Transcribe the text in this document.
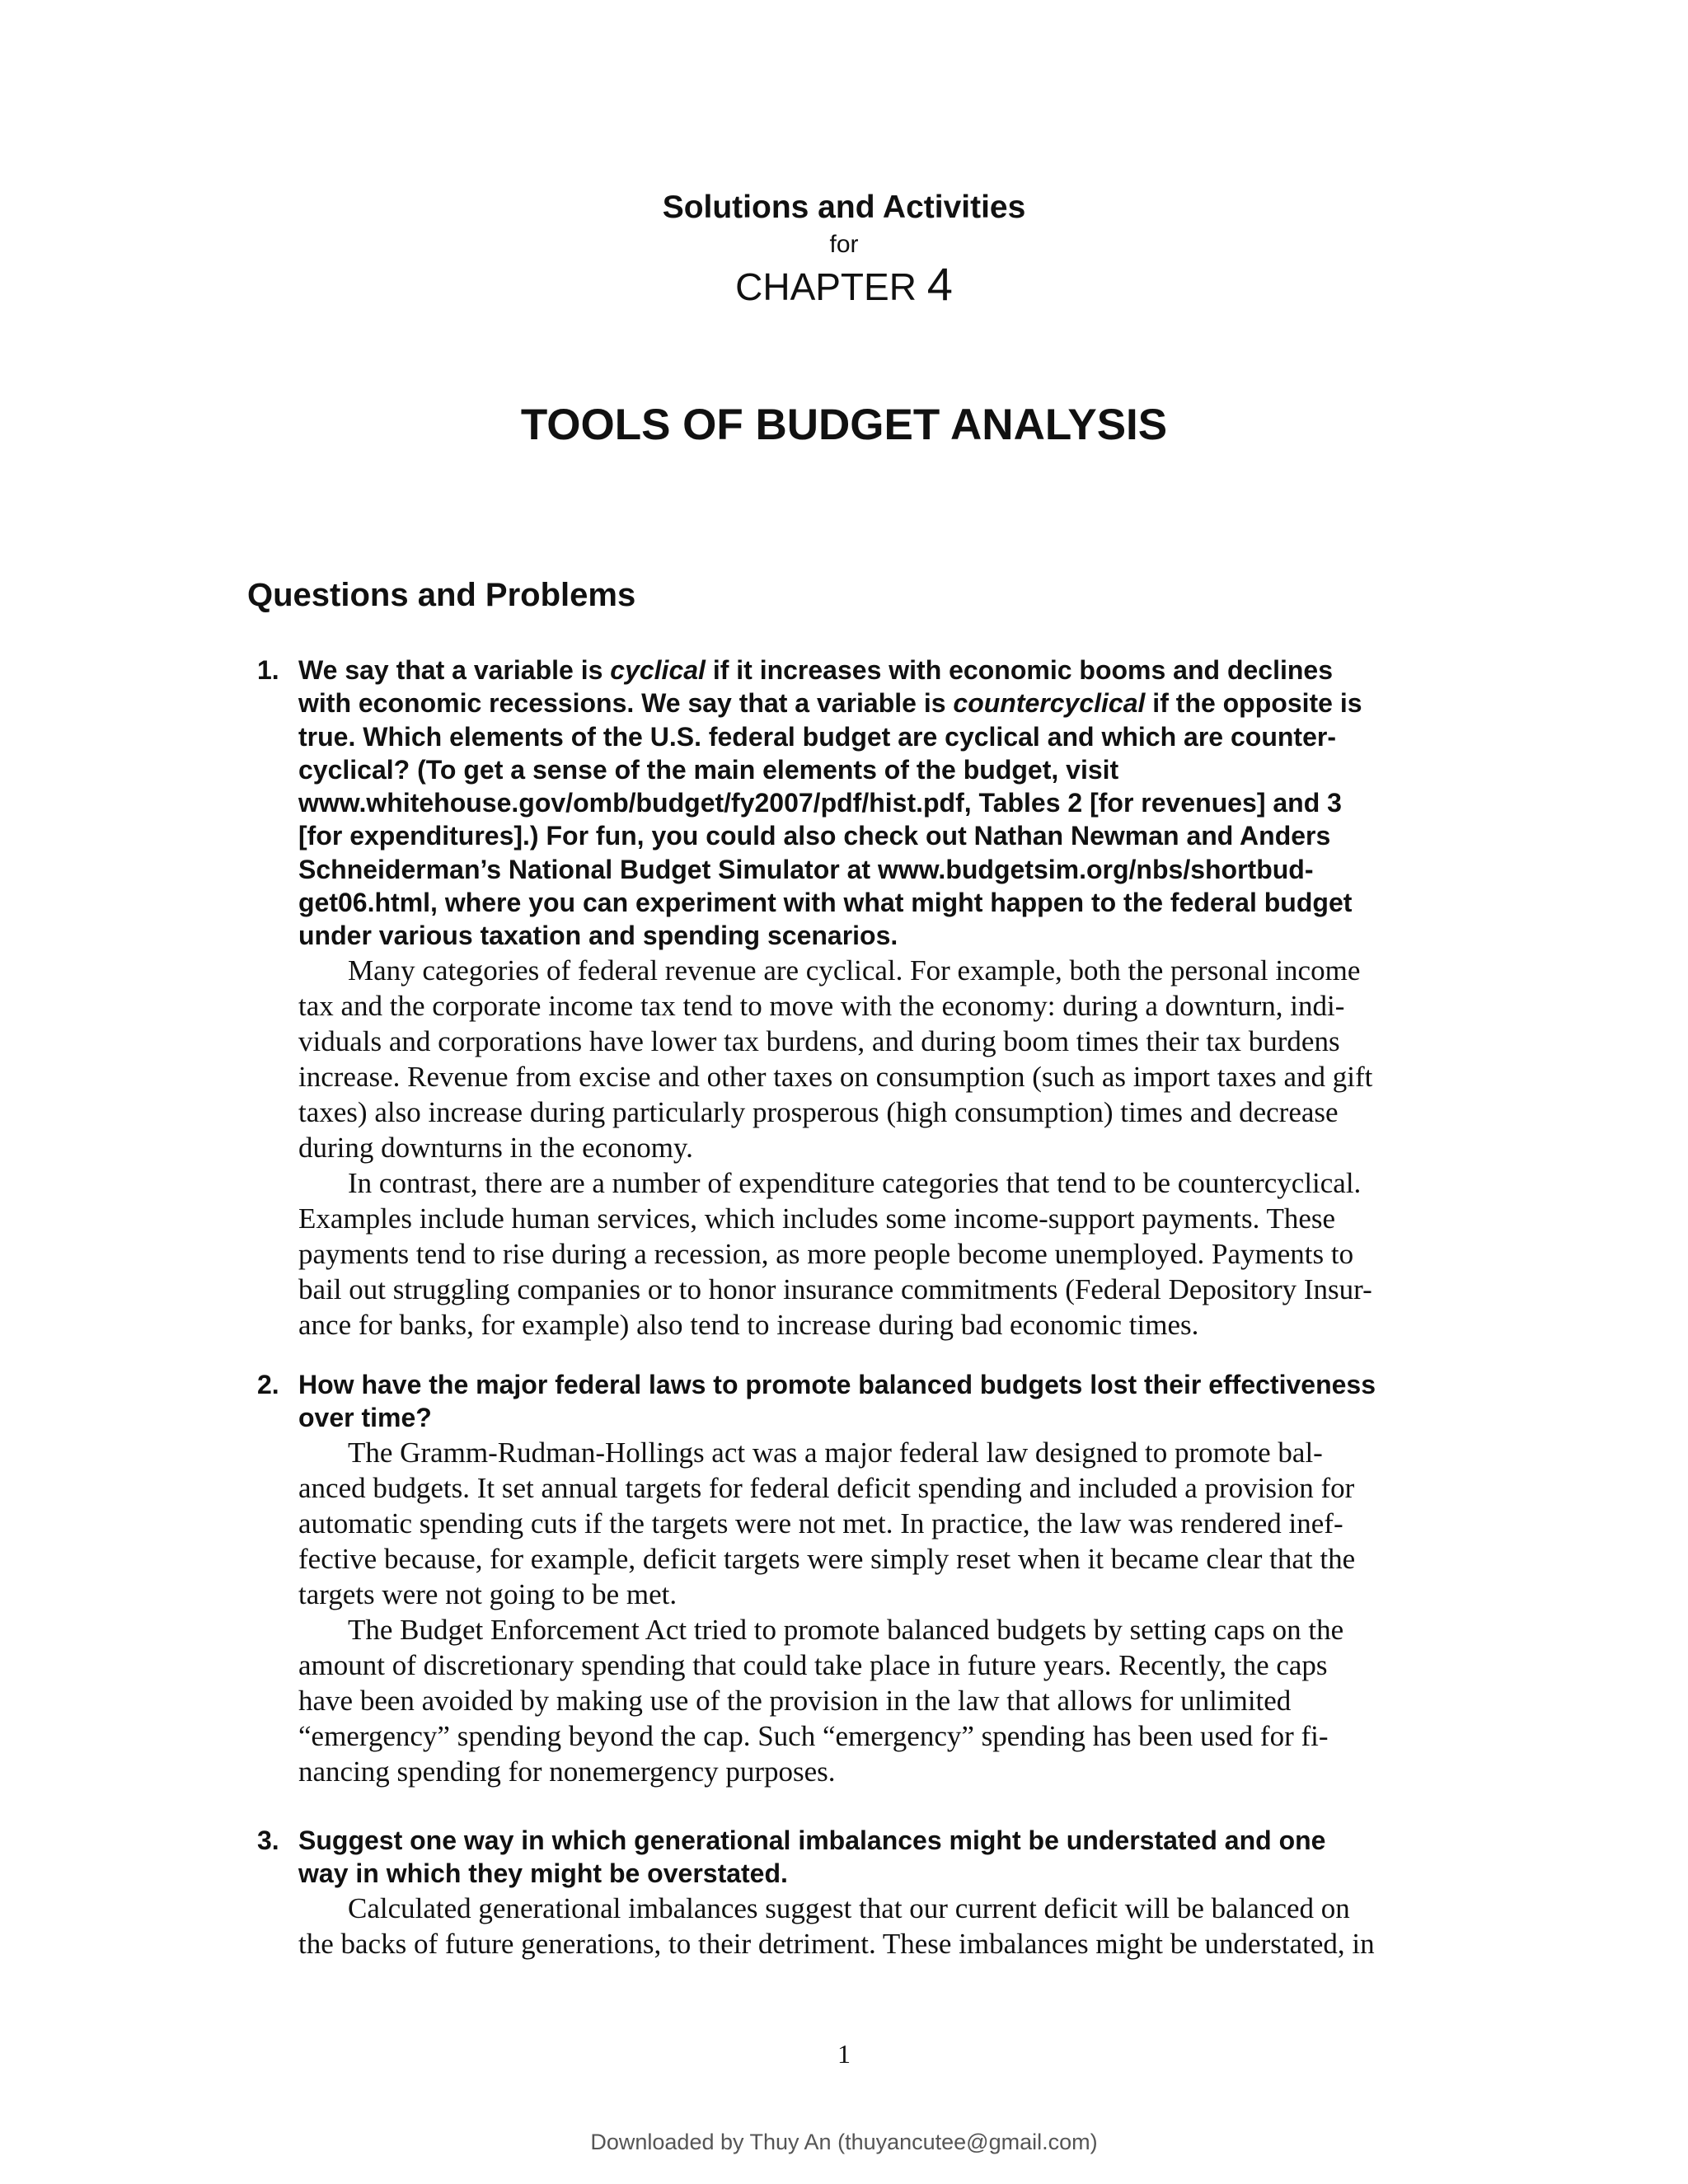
Solutions and Activities
for
CHAPTER 4
TOOLS OF BUDGET ANALYSIS
Questions and Problems
1. We say that a variable is cyclical if it increases with economic booms and declines
with economic recessions. We say that a variable is countercyclical if the opposite is
true. Which elements of the U.S. federal budget are cyclical and which are counter-
cyclical? (To get a sense of the main elements of the budget, visit
www.whitehouse.gov/omb/budget/fy2007/pdf/hist.pdf, Tables 2 [for revenues] and 3
[for expenditures].) For fun, you could also check out Nathan Newman and Anders
Schneiderman’s National Budget Simulator at www.budgetsim.org/nbs/shortbud-
get06.html, where you can experiment with what might happen to the federal budget
under various taxation and spending scenarios.
Many categories of federal revenue are cyclical. For example, both the personal income
tax and the corporate income tax tend to move with the economy: during a downturn, indi-
viduals and corporations have lower tax burdens, and during boom times their tax burdens
increase. Revenue from excise and other taxes on consumption (such as import taxes and gift
taxes) also increase during particularly prosperous (high consumption) times and decrease
during downturns in the economy.
In contrast, there are a number of expenditure categories that tend to be countercyclical.
Examples include human services, which includes some income-support payments. These
payments tend to rise during a recession, as more people become unemployed. Payments to
bail out struggling companies or to honor insurance commitments (Federal Depository Insur-
ance for banks, for example) also tend to increase during bad economic times.
2. How have the major federal laws to promote balanced budgets lost their effectiveness
over time?
The Gramm-Rudman-Hollings act was a major federal law designed to promote bal-
anced budgets. It set annual targets for federal deficit spending and included a provision for
automatic spending cuts if the targets were not met. In practice, the law was rendered inef-
fective because, for example, deficit targets were simply reset when it became clear that the
targets were not going to be met.
The Budget Enforcement Act tried to promote balanced budgets by setting caps on the
amount of discretionary spending that could take place in future years. Recently, the caps
have been avoided by making use of the provision in the law that allows for unlimited
“emergency” spending beyond the cap. Such “emergency” spending has been used for fi-
nancing spending for nonemergency purposes.
3. Suggest one way in which generational imbalances might be understated and one
way in which they might be overstated.
Calculated generational imbalances suggest that our current deficit will be balanced on
the backs of future generations, to their detriment. These imbalances might be understated, in
1
Downloaded by Thuy An (thuyancutee@gmail.com)
